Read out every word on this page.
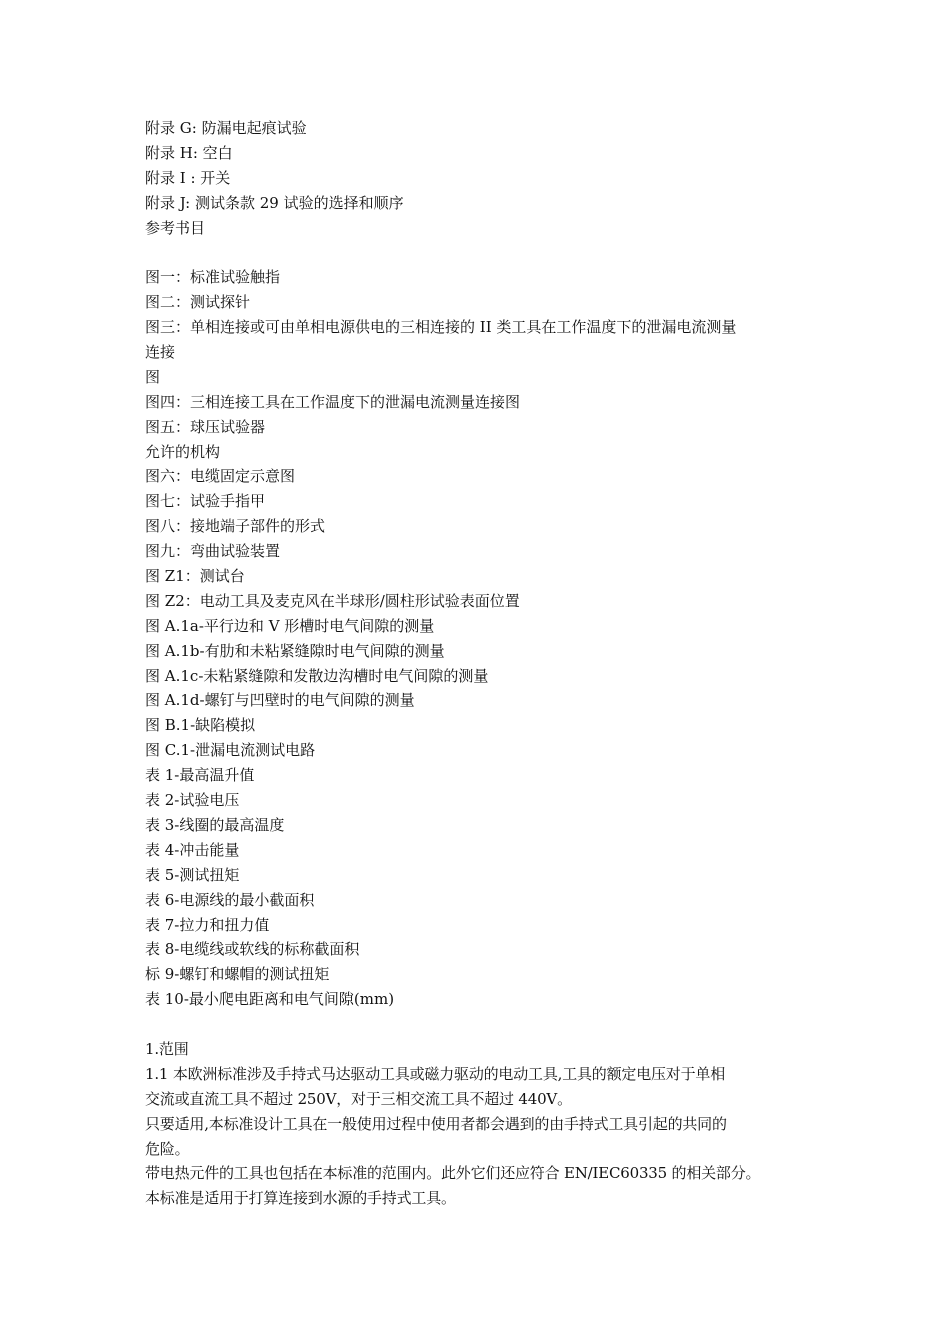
附录 G: 防漏电起痕试验
附录 H: 空白
附录 I : 开关
附录 J: 测试条款 29 试验的选择和顺序
参考书目
图一：标准试验触指
图二：测试探针
图三：单相连接或可由单相电源供电的三相连接的 II 类工具在工作温度下的泄漏电流测量
连接
图
图四：三相连接工具在工作温度下的泄漏电流测量连接图
图五：球压试验器
允许的机构
图六：电缆固定示意图
图七：试验手指甲
图八：接地端子部件的形式
图九：弯曲试验装置
图 Z1：测试台
图 Z2：电动工具及麦克风在半球形/圆柱形试验表面位置
图 A.1a-平行边和 V 形槽时电气间隙的测量
图 A.1b-有肋和未粘紧缝隙时电气间隙的测量
图 A.1c-未粘紧缝隙和发散边沟槽时电气间隙的测量
图 A.1d-螺钉与凹壁时的电气间隙的测量
图 B.1-缺陷模拟
图 C.1-泄漏电流测试电路
表 1-最高温升值
表 2-试验电压
表 3-线圈的最高温度
表 4-冲击能量
表 5-测试扭矩
表 6-电源线的最小截面积
表 7-拉力和扭力值
表 8-电缆线或软线的标称截面积
标 9-螺钉和螺帽的测试扭矩
表 10-最小爬电距离和电气间隙(mm)
1.范围
1.1 本欧洲标准涉及手持式马达驱动工具或磁力驱动的电动工具,工具的额定电压对于单相
交流或直流工具不超过 250V，对于三相交流工具不超过 440V。
只要适用,本标准设计工具在一般使用过程中使用者都会遇到的由手持式工具引起的共同的
危险。
带电热元件的工具也包括在本标准的范围内。此外它们还应符合 EN/IEC60335 的相关部分。
本标准是适用于打算连接到水源的手持式工具。
